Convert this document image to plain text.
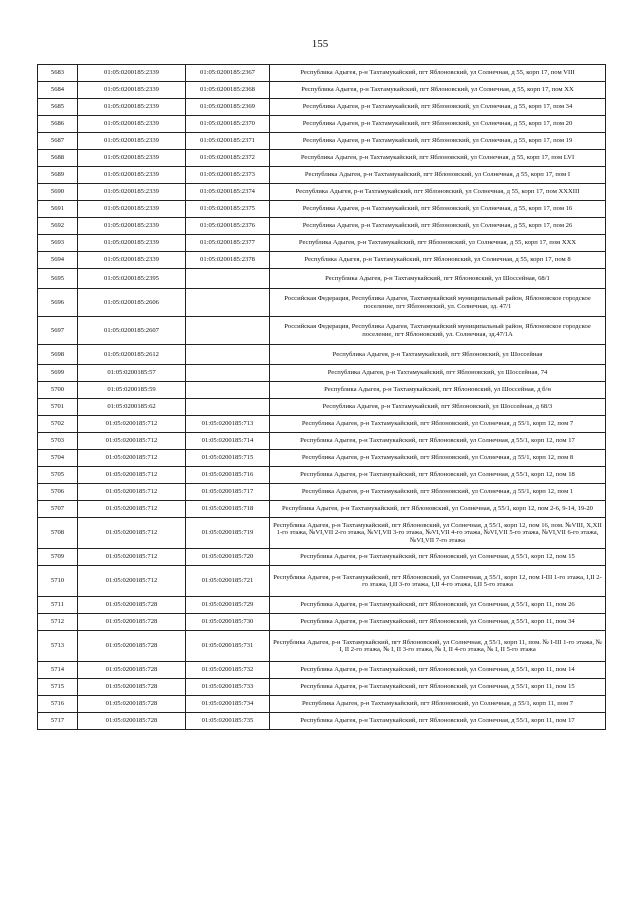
155
5683	01:05:0200185:2339	01:05:0200185:2367	Республика Адыгея, р-н Тахтамукайский, пгт Яблоновский, ул Солнечная, д 55, корп 17, пом VIII
5684	01:05:0200185:2339	01:05:0200185:2368	Республика Адыгея, р-н Тахтамукайский, пгт Яблоновский, ул Солнечная, д 55, корп 17, пом XX
5685	01:05:0200185:2339	01:05:0200185:2369	Республика Адыгея, р-н Тахтамукайский, пгт Яблоновский, ул Солнечная, д 55, корп 17, пом 34
5686	01:05:0200185:2339	01:05:0200185:2370	Республика Адыгея, р-н Тахтамукайский, пгт Яблоновский, ул Солнечная, д 55, корп 17, пом 20
5687	01:05:0200185:2339	01:05:0200185:2371	Республика Адыгея, р-н Тахтамукайский, пгт Яблоновский, ул Солнечная, д 55, корп 17, пом 19
5688	01:05:0200185:2339	01:05:0200185:2372	Республика Адыгея, р-н Тахтамукайский, пгт Яблоновский, ул Солнечная, д 55, корп 17, пом LVI
5689	01:05:0200185:2339	01:05:0200185:2373	Республика Адыгея, р-н Тахтамукайский, пгт Яблоновский, ул Солнечная, д 55, корп 17, пом I
5690	01:05:0200185:2339	01:05:0200185:2374	Республика Адыгея, р-н Тахтамукайский, пгт Яблоновский, ул Солнечная, д 55, корп 17, пом XXXIII
5691	01:05:0200185:2339	01:05:0200185:2375	Республика Адыгея, р-н Тахтамукайский, пгт Яблоновский, ул Солнечная, д 55, корп 17, пом 16
5692	01:05:0200185:2339	01:05:0200185:2376	Республика Адыгея, р-н Тахтамукайский, пгт Яблоновский, ул Солнечная, д 55, корп 17, пом 26
5693	01:05:0200185:2339	01:05:0200185:2377	Республика Адыгея, р-н Тахтамукайский, пгт Яблоновский, ул Солнечная, д 55, корп 17, пом XXX
5694	01:05:0200185:2339	01:05:0200185:2378	Республика Адыгея, р-н Тахтамукайский, пгт Яблоновский, ул Солнечная, д 55, корп 17, пом 8
5695	01:05:0200185:2395		Республика Адыгея, р-н Тахтамукайский, пгт Яблоновский, ул Шоссейная, 68/1
5696	01:05:0200185:2606		Российская Федерация, Республика Адыгея, Тахтамукайский муниципальный район, Яблоновское городское поселение, пгт Яблоновский, ул. Солнечная, зд. 47/1
5697	01:05:0200185:2607		Российская Федерация, Республика Адыгея, Тахтамукайский муниципальный район, Яблоновское городское поселение, пгт Яблоновский, ул. Солнечная, зд.47/1А
5698	01:05:0200185:2612		Республика Адыгея, р-н Тахтамукайский, пгт Яблоновский, ул Шоссейная
5699	01:05:0200185:57		Республика Адыгея, р-н Тахтамукайский, пгт Яблоновский, ул Шоссейная, 74
5700	01:05:0200185:59		Республика Адыгея, р-н Тахтамукайский, пгт Яблоновский, ул Шоссейная, д б/н
5701	01:05:0200185:62		Республика Адыгея, р-н Тахтамукайский, пгт Яблоновский, ул Шоссейная, д 68/3
5702	01:05:0200185:712	01:05:0200185:713	Республика Адыгея, р-н Тахтамукайский, пгт Яблоновский, ул Солнечная, д 55/1, корп 12, пом 7
5703	01:05:0200185:712	01:05:0200185:714	Республика Адыгея, р-н Тахтамукайский, пгт Яблоновский, ул Солнечная, д 55/1, корп 12, пом 17
5704	01:05:0200185:712	01:05:0200185:715	Республика Адыгея, р-н Тахтамукайский, пгт Яблоновский, ул Солнечная, д 55/1, корп 12, пом 8
5705	01:05:0200185:712	01:05:0200185:716	Республика Адыгея, р-н Тахтамукайский, пгт Яблоновский, ул Солнечная, д 55/1, корп 12, пом 18
5706	01:05:0200185:712	01:05:0200185:717	Республика Адыгея, р-н Тахтамукайский, пгт Яблоновский, ул Солнечная, д 55/1, корп 12, пом 1
5707	01:05:0200185:712	01:05:0200185:718	Республика Адыгея, р-н Тахтамукайский, пгт Яблоновский, ул Солнечная, д 55/1, корп 12, пом 2-6, 9-14, 19-20
5708	01:05:0200185:712	01:05:0200185:719	Республика Адыгея, р-н Тахтамукайский, пгт Яблоновский, ул Солнечная, д 55/1, корп 12, пом 16, пом. №VIII, X,XII 1-го этажа, №VI,VII 2-го этажа, №VI,VII 3-го этажа, №VI,VII 4-го этажа, №VI,VII 5-го этажа, №VI,VII 6-го этажа, №VI,VII 7-го этажа
5709	01:05:0200185:712	01:05:0200185:720	Республика Адыгея, р-н Тахтамукайский, пгт Яблоновский, ул Солнечная, д 55/1, корп 12, пом 15
5710	01:05:0200185:712	01:05:0200185:721	Республика Адыгея, р-н Тахтамукайский, пгт Яблоновский, ул Солнечная, д 55/1, корп 12, пом I-III 1-го этажа, I,II 2-го этажа, I,II 3-го этажа, I,II 4-го этажа, I,II 5-го этажа
5711	01:05:0200185:728	01:05:0200185:729	Республика Адыгея, р-н Тахтамукайский, пгт Яблоновский, ул Солнечная, д 55/1, корп 11, пом 26
5712	01:05:0200185:728	01:05:0200185:730	Республика Адыгея, р-н Тахтамукайский, пгт Яблоновский, ул Солнечная, д 55/1, корп 11, пом 34
5713	01:05:0200185:728	01:05:0200185:731	Республика Адыгея, р-н Тахтамукайский, пгт Яблоновский, ул Солнечная, д 55/1, корп 11, пом. № I-III 1-го этажа, № I, II 2-го этажа, № I, II 3-го этажа, № I, II 4-го этажа, № I, II 5-го этажа
5714	01:05:0200185:728	01:05:0200185:732	Республика Адыгея, р-н Тахтамукайский, пгт Яблоновский, ул Солнечная, д 55/1, корп 11, пом 14
5715	01:05:0200185:728	01:05:0200185:733	Республика Адыгея, р-н Тахтамукайский, пгт Яблоновский, ул Солнечная, д 55/1, корп 11, пом 15
5716	01:05:0200185:728	01:05:0200185:734	Республика Адыгея, р-н Тахтамукайский, пгт Яблоновский, ул Солнечная, д 55/1, корп 11, пом 7
5717	01:05:0200185:728	01:05:0200185:735	Республика Адыгея, р-н Тахтамукайский, пгт Яблоновский, ул Солнечная, д 55/1, корп 11, пом 17
